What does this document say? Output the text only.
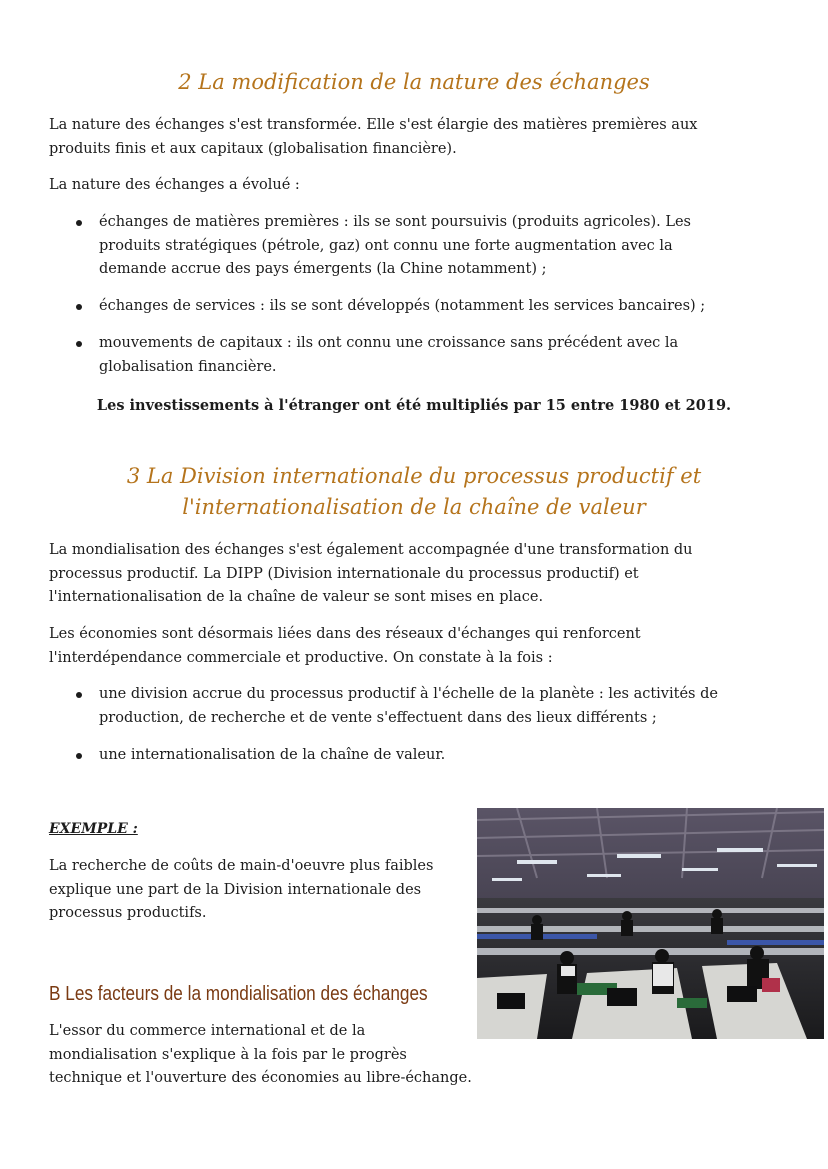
2 La modification de la nature des échanges

La nature des échanges s'est transformée. Elle s'est élargie des matières premières aux
produits finis et aux capitaux (globalisation financière).

La nature des échanges a évolué :

échanges de matières premières : ils se sont poursuivis (produits agricoles). Les
produits stratégiques (pétrole, gaz) ont connu une forte augmentation avec la
demande accrue des pays émergents (la Chine notamment) ;
échanges de services : ils se sont développés (notamment les services bancaires) ;
mouvements de capitaux : ils ont connu une croissance sans précédent avec la
globalisation financière.

Les investissements à l'étranger ont été multipliés par 15 entre 1980 et 2019.

3 La Division internationale du processus productif et
l'internationalisation de la chaîne de valeur

La mondialisation des échanges s'est également accompagnée d'une transformation du
processus productif. La DIPP (Division internationale du processus productif) et
l'internationalisation de la chaîne de valeur se sont mises en place.

Les économies sont désormais liées dans des réseaux d'échanges qui renforcent
l'interdépendance commerciale et productive. On constate à la fois :

une division accrue du processus productif à l'échelle de la planète : les activités de
production, de recherche et de vente s'effectuent dans des lieux différents ;
une internationalisation de la chaîne de valeur.

EXEMPLE :

La recherche de coûts de main-d'oeuvre plus faibles
explique une part de la Division internationale des
processus productifs.

B Les facteurs de la mondialisation des échanges

L'essor du commerce international et de la
mondialisation s'explique à la fois par le progrès
technique et l'ouverture des économies au libre-échange.
